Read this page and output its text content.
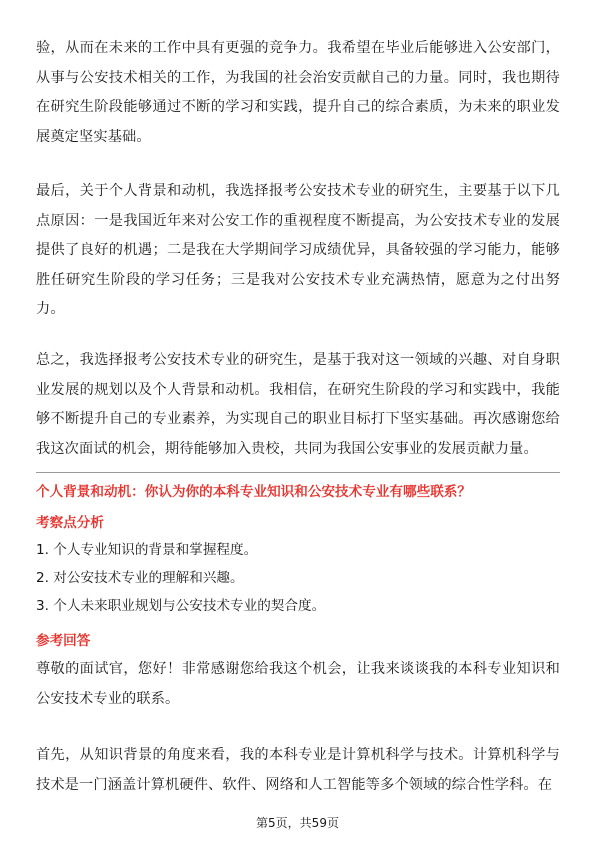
验，从而在未来的工作中具有更强的竞争力。我希望在毕业后能够进入公安部门，从事与公安技术相关的工作，为我国的社会治安贡献自己的力量。同时，我也期待在研究生阶段能够通过不断的学习和实践，提升自己的综合素质，为未来的职业发展奠定坚实基础。

最后，关于个人背景和动机，我选择报考公安技术专业的研究生，主要基于以下几点原因：一是我国近年来对公安工作的重视程度不断提高，为公安技术专业的发展提供了良好的机遇；二是我在大学期间学习成绩优异，具备较强的学习能力，能够胜任研究生阶段的学习任务；三是我对公安技术专业充满热情，愿意为之付出努力。

总之，我选择报考公安技术专业的研究生，是基于我对这一领域的兴趣、对自身职业发展的规划以及个人背景和动机。我相信，在研究生阶段的学习和实践中，我能够不断提升自己的专业素养，为实现自己的职业目标打下坚实基础。再次感谢您给我这次面试的机会，期待能够加入贵校，共同为我国公安事业的发展贡献力量。

个人背景和动机：你认为你的本科专业知识和公安技术专业有哪些联系？
考察点分析
1. 个人专业知识的背景和掌握程度。
2. 对公安技术专业的理解和兴趣。
3. 个人未来职业规划与公安技术专业的契合度。
参考回答

尊敬的面试官，您好！非常感谢您给我这个机会，让我来谈谈我的本科专业知识和公安技术专业的联系。

首先，从知识背景的角度来看，我的本科专业是计算机科学与技术。计算机科学与技术是一门涵盖计算机硬件、软件、网络和人工智能等多个领域的综合性学科。在

第5页，共59页
